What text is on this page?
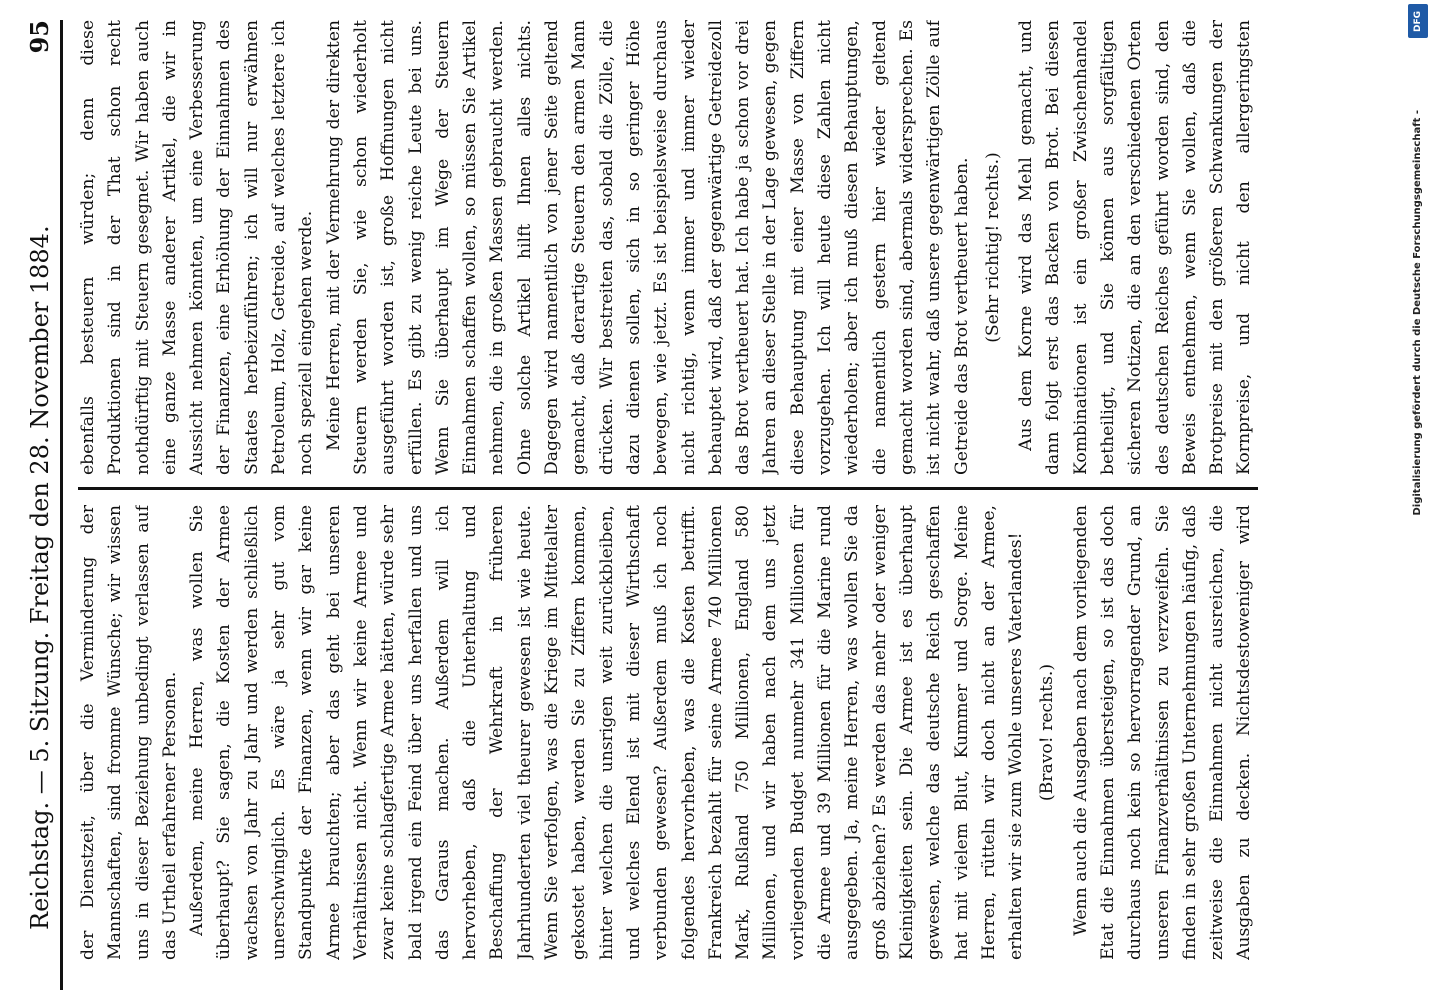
Reichstag. — 5. Sitzung. Freitag den 28. November 1884.
95

der Dienstzeit, über die Verminderung der Mannschaften, sind fromme Wünsche; wir wissen uns in dieser Beziehung unbedingt verlassen auf das Urtheil erfahrener Personen. Außerdem, meine Herren, was wollen Sie überhaupt? Sie sagen, die Kosten der Armee wachsen von Jahr zu Jahr und werden schließlich unerschwinglich. Es wäre ja sehr gut vom Standpunkte der Finanzen, wenn wir gar keine Armee brauchten; aber das geht bei unseren Verhältnissen nicht. Wenn wir keine Armee und zwar keine schlagfertige Armee hätten, würde sehr bald irgend ein Feind über uns herfallen und uns das Garaus machen. Außerdem will ich hervorheben, daß die Unterhaltung und Beschaffung der Wehrkraft in früheren Jahrhunderten viel theurer gewesen ist wie heute. Wenn Sie verfolgen, was die Kriege im Mittelalter gekostet haben, werden Sie zu Ziffern kommen, hinter welchen die unsrigen weit zurückbleiben, und welches Elend ist mit dieser Wirthschaft verbunden gewesen? Außerdem muß ich noch folgendes hervorheben, was die Kosten betrifft. Frankreich bezahlt für seine Armee 740 Millionen Mark, Rußland 750 Millionen, England 580 Millionen, und wir haben nach dem uns jetzt vorliegenden Budget nunmehr 341 Millionen für die Armee und 39 Millionen für die Marine rund ausgegeben. Ja, meine Herren, was wollen Sie da groß abziehen? Es werden das mehr oder weniger Kleinigkeiten sein. Die Armee ist es überhaupt gewesen, welche das deutsche Reich geschaffen hat mit vielem Blut, Kummer und Sorge. Meine Herren, rütteln wir doch nicht an der Armee, erhalten wir sie zum Wohle unseres Vaterlandes! (Bravo! rechts.)

Wenn auch die Ausgaben nach dem vorliegenden Etat die Einnahmen übersteigen, so ist das doch durchaus noch kein so hervorragender Grund, an unseren Finanzverhältnissen zu verzweifeln. Sie finden in sehr großen Unternehmungen häufig, daß zeitweise die Einnahmen nicht ausreichen, die Ausgaben zu decken. Nichtsdestoweniger wird

ebenfalls besteuern würden; denn diese Produktionen sind in der That schon recht nothdürftig mit Steuern gesegnet. Wir haben auch eine ganze Masse anderer Artikel, die wir in Aussicht nehmen könnten, um eine Verbesserung der Finanzen, eine Erhöhung der Einnahmen des Staates herbeizuführen; ich will nur erwähnen Petroleum, Holz, Getreide, auf welches letztere ich noch speziell eingehen werde. Meine Herren, mit der Vermehrung der direkten Steuern werden Sie, wie schon wiederholt ausgeführt worden ist, große Hoffnungen nicht erfüllen. Es gibt zu wenig reiche Leute bei uns. Wenn Sie überhaupt im Wege der Steuern Einnahmen schaffen wollen, so müssen Sie Artikel nehmen, die in großen Massen gebraucht werden. Ohne solche Artikel hilft Ihnen alles nichts. Dagegen wird namentlich von jener Seite geltend gemacht, daß derartige Steuern den armen Mann drücken. Wir bestreiten das, sobald die Zölle, die dazu dienen sollen, sich in so geringer Höhe bewegen, wie jetzt. Es ist beispielsweise durchaus nicht richtig, wenn immer und immer wieder behauptet wird, daß der gegenwärtige Getreidezoll das Brot vertheuert hat. Ich habe ja schon vor drei Jahren an dieser Stelle in der Lage gewesen, gegen diese Behauptung mit einer Masse von Ziffern vorzugehen. Ich will heute diese Zahlen nicht wiederholen; aber ich muß diesen Behauptungen, die namentlich gestern hier wieder geltend gemacht worden sind, abermals widersprechen. Es ist nicht wahr, daß unsere gegenwärtigen Zölle auf Getreide das Brot vertheuert haben. (Sehr richtig! rechts.)

Aus dem Korne wird das Mehl gemacht, und dann folgt erst das Backen von Brot. Bei diesen Kombinationen ist ein großer Zwischenhandel betheiligt, und Sie können aus sorgfältigen sicheren Notizen, die an den verschiedenen Orten des deutschen Reiches geführt worden sind, den Beweis entnehmen, wenn Sie wollen, daß die Brotpreise mit den größeren Schwankungen der Kornpreise, und nicht den allergeringsten

Digitalisierung gefördert durch die Deutsche Forschungsgemeinschaft -
DFG
